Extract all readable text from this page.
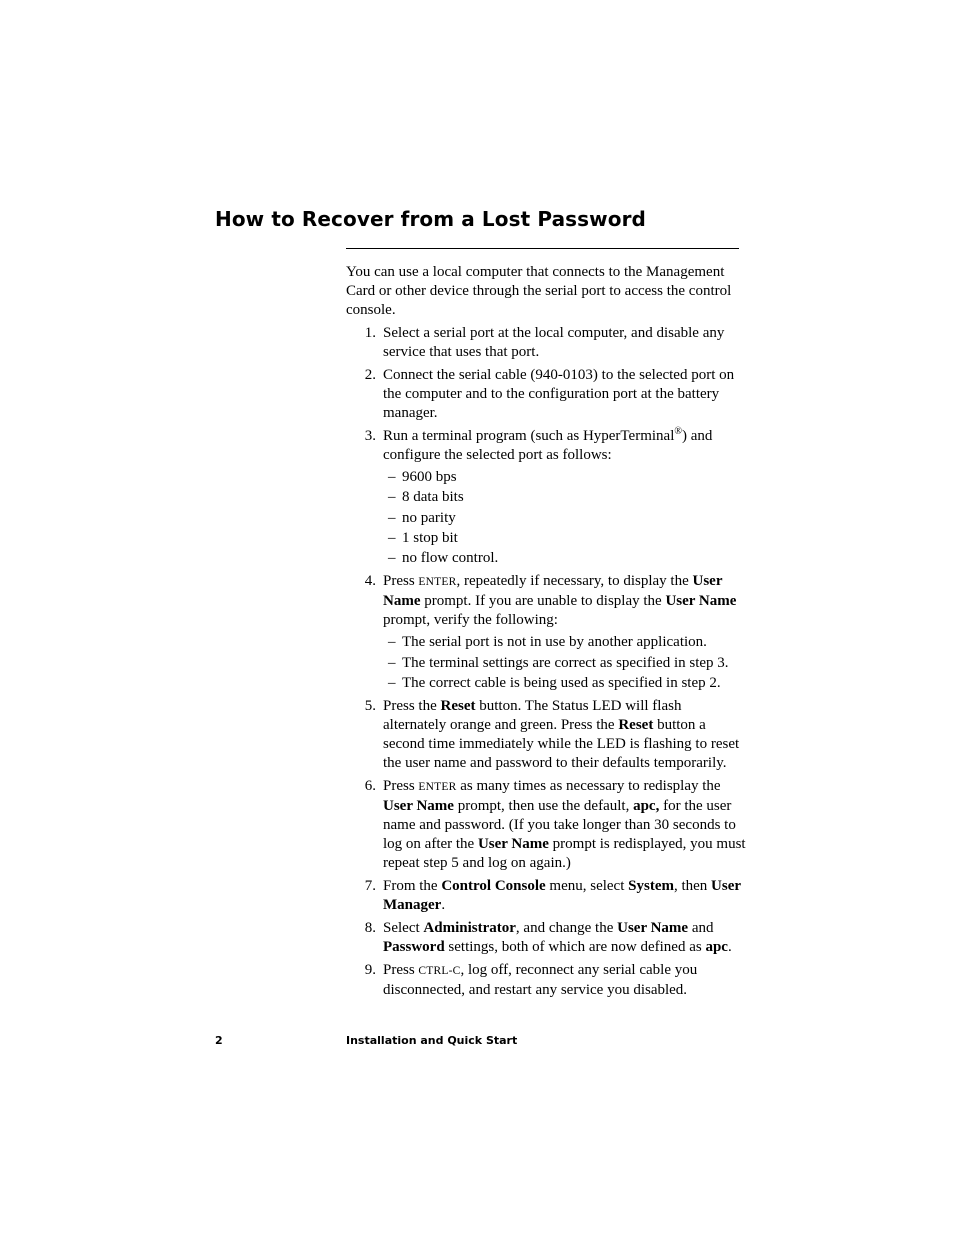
How to Recover from a Lost Password

You can use a local computer that connects to the Management Card or other device through the serial port to access the control console.

1. Select a serial port at the local computer, and disable any service that uses that port.
2. Connect the serial cable (940-0103) to the selected port on the computer and to the configuration port at the battery manager.
3. Run a terminal program (such as HyperTerminal®) and configure the selected port as follows:
– 9600 bps
– 8 data bits
– no parity
– 1 stop bit
– no flow control.
4. Press ENTER, repeatedly if necessary, to display the User Name prompt. If you are unable to display the User Name prompt, verify the following:
– The serial port is not in use by another application.
– The terminal settings are correct as specified in step 3.
– The correct cable is being used as specified in step 2.
5. Press the Reset button. The Status LED will flash alternately orange and green. Press the Reset button a second time immediately while the LED is flashing to reset the user name and password to their defaults temporarily.
6. Press ENTER as many times as necessary to redisplay the User Name prompt, then use the default, apc, for the user name and password. (If you take longer than 30 seconds to log on after the User Name prompt is redisplayed, you must repeat step 5 and log on again.)
7. From the Control Console menu, select System, then User Manager.
8. Select Administrator, and change the User Name and Password settings, both of which are now defined as apc.
9. Press CTRL-C, log off, reconnect any serial cable you disconnected, and restart any service you disabled.
2	Installation and Quick Start
